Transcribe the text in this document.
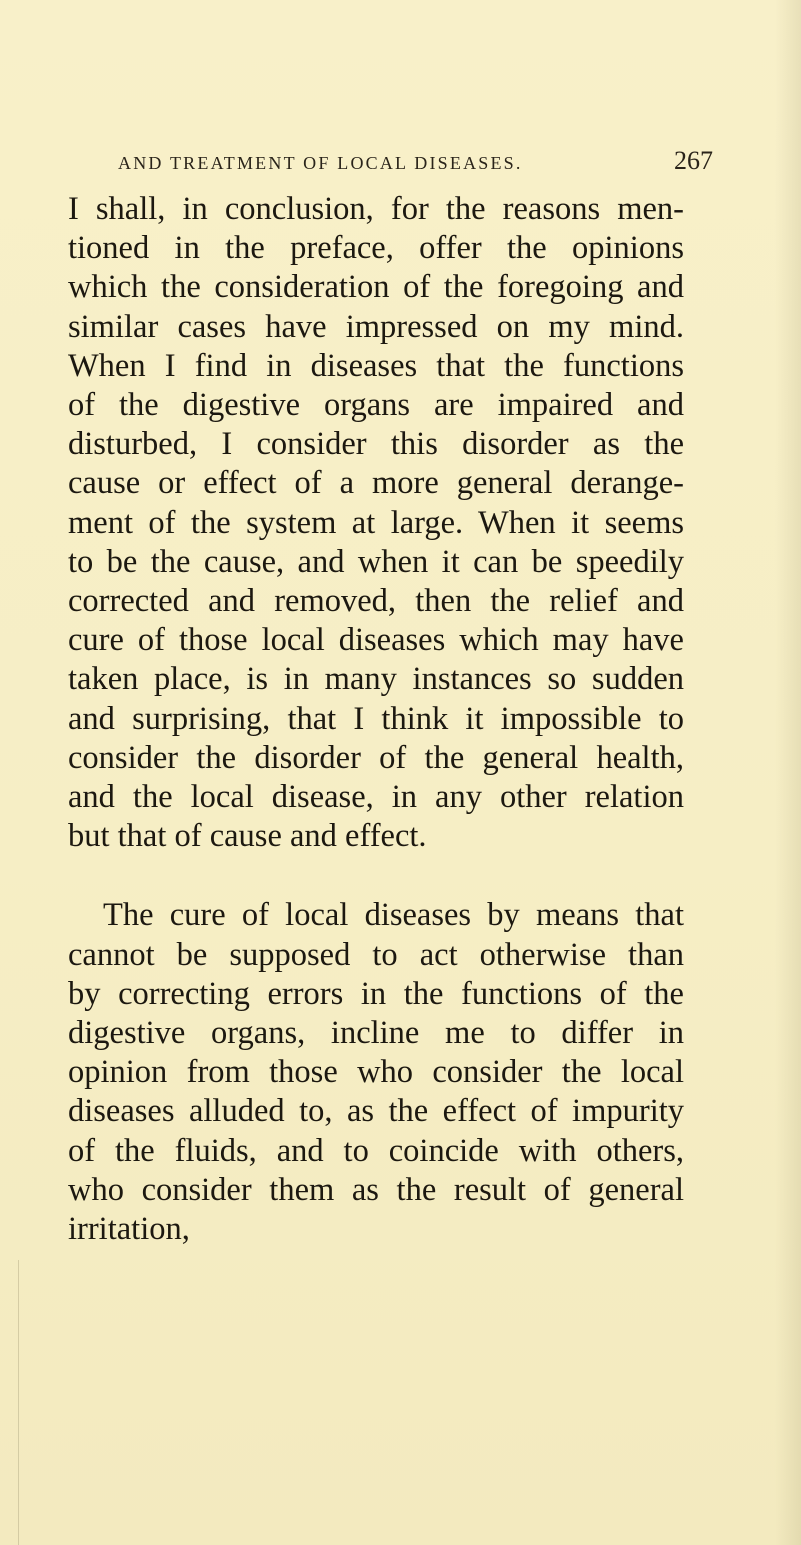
AND TREATMENT OF LOCAL DISEASES.	267

I shall, in conclusion, for the reasons men-
tioned in the preface, offer the opinions
which the consideration of the foregoing and
similar cases have impressed on my mind.
When I find in diseases that the functions
of the digestive organs are impaired and
disturbed, I consider this disorder as the
cause or effect of a more general derange-
ment of the system at large. When it seems
to be the cause, and when it can be speedily
corrected and removed, then the relief and
cure of those local diseases which may have
taken place, is in many instances so sudden
and surprising, that I think it impossible to
consider the disorder of the general health,
and the local disease, in any other relation
but that of cause and effect.

The cure of local diseases by means that
cannot be supposed to act otherwise than
by correcting errors in the functions of the
digestive organs, incline me to differ in
opinion from those who consider the local
diseases alluded to, as the effect of impurity
of the fluids, and to coincide with others,
who consider them as the result of general
irritation,
